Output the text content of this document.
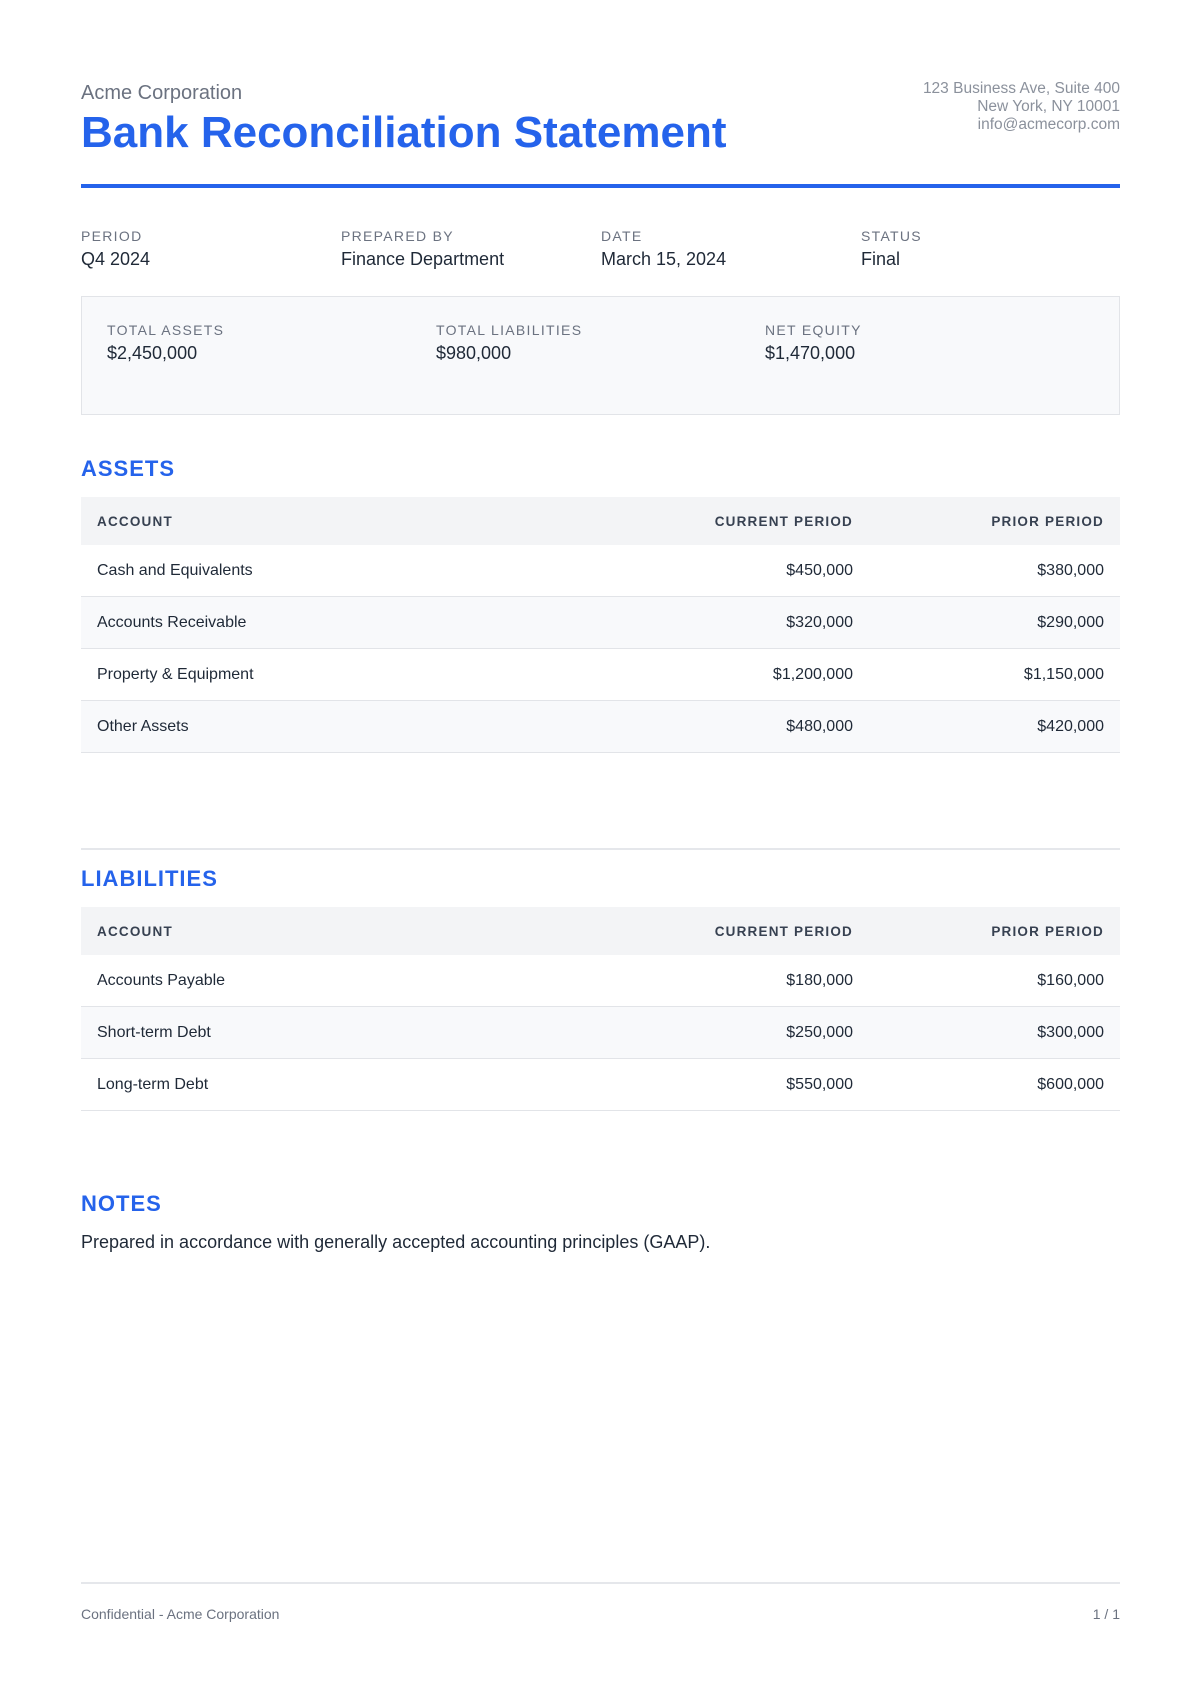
Acme Corporation
Bank Reconciliation Statement
123 Business Ave, Suite 400
New York, NY 10001
info@acmecorp.com
PERIOD
Q4 2024
PREPARED BY
Finance Department
DATE
March 15, 2024
STATUS
Final
TOTAL ASSETS
$2,450,000
TOTAL LIABILITIES
$980,000
NET EQUITY
$1,470,000
ASSETS
ACCOUNT	CURRENT PERIOD	PRIOR PERIOD
Cash and Equivalents	$450,000	$380,000
Accounts Receivable	$320,000	$290,000
Property & Equipment	$1,200,000	$1,150,000
Other Assets	$480,000	$420,000
LIABILITIES
ACCOUNT	CURRENT PERIOD	PRIOR PERIOD
Accounts Payable	$180,000	$160,000
Short-term Debt	$250,000	$300,000
Long-term Debt	$550,000	$600,000
NOTES
Prepared in accordance with generally accepted accounting principles (GAAP).
Confidential - Acme Corporation	1 / 1
